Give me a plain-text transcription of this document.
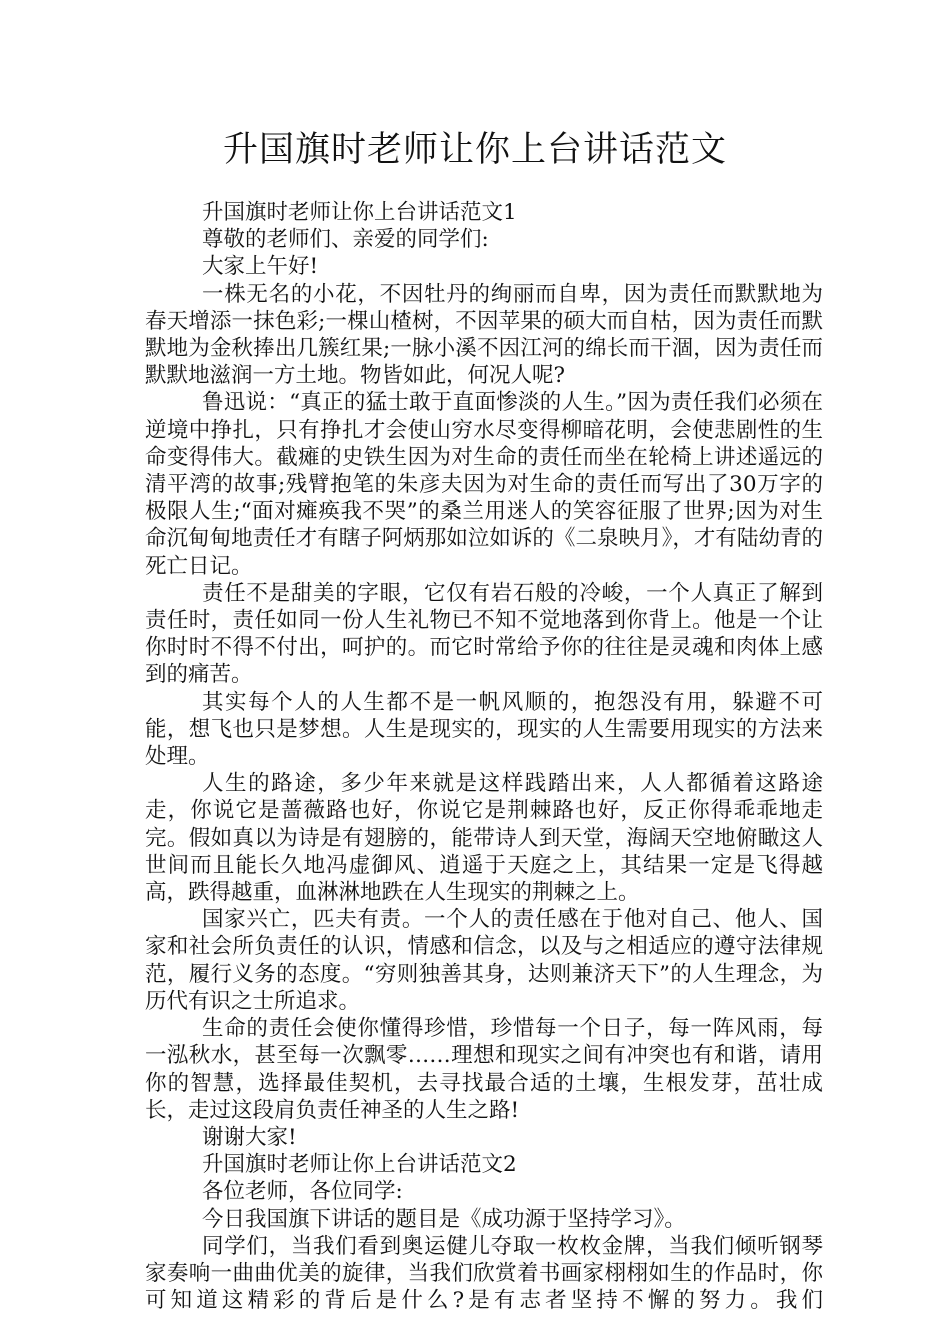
升国旗时老师让你上台讲话范文

升国旗时老师让你上台讲话范文1

尊敬的老师们、亲爱的同学们:

大家上午好!

一株无名的小花，不因牡丹的绚丽而自卑，因为责任而默默地为春天增添一抹色彩;一棵山楂树，不因苹果的硕大而自枯，因为责任而默默地为金秋捧出几簇红果;一脉小溪不因江河的绵长而干涸，因为责任而默默地滋润一方土地。物皆如此，何况人呢?

鲁迅说：“真正的猛士敢于直面惨淡的人生。”因为责任我们必须在逆境中挣扎，只有挣扎才会使山穷水尽变得柳暗花明，会使悲剧性的生命变得伟大。截瘫的史铁生因为对生命的责任而坐在轮椅上讲述遥远的清平湾的故事;残臂抱笔的朱彦夫因为对生命的责任而写出了30万字的极限人生;“面对瘫痪我不哭”的桑兰用迷人的笑容征服了世界;因为对生命沉甸甸地责任才有瞎子阿炳那如泣如诉的《二泉映月》，才有陆幼青的死亡日记。

责任不是甜美的字眼，它仅有岩石般的冷峻，一个人真正了解到责任时，责任如同一份人生礼物已不知不觉地落到你背上。他是一个让你时时不得不付出，呵护的。而它时常给予你的往往是灵魂和肉体上感到的痛苦。

其实每个人的人生都不是一帆风顺的，抱怨没有用，躲避不可能，想飞也只是梦想。人生是现实的，现实的人生需要用现实的方法来处理。

人生的路途，多少年来就是这样践踏出来，人人都循着这路途走，你说它是蔷薇路也好，你说它是荆棘路也好，反正你得乖乖地走完。假如真以为诗是有翅膀的，能带诗人到天堂，海阔天空地俯瞰这人世间而且能长久地冯虚御风、逍遥于天庭之上，其结果一定是飞得越高，跌得越重，血淋淋地跌在人生现实的荆棘之上。

国家兴亡，匹夫有责。一个人的责任感在于他对自己、他人、国家和社会所负责任的认识，情感和信念，以及与之相适应的遵守法律规范，履行义务的态度。“穷则独善其身，达则兼济天下”的人生理念，为历代有识之士所追求。

生命的责任会使你懂得珍惜，珍惜每一个日子，每一阵风雨，每一泓秋水，甚至每一次飘零……理想和现实之间有冲突也有和谐，请用你的智慧，选择最佳契机，去寻找最合适的土壤，生根发芽，茁壮成长，走过这段肩负责任神圣的人生之路!

谢谢大家!

升国旗时老师让你上台讲话范文2

各位老师，各位同学:

今日我国旗下讲话的题目是《成功源于坚持学习》。

同学们，当我们看到奥运健儿夺取一枚枚金牌，当我们倾听钢琴家奏响一曲曲优美的旋律，当我们欣赏着书画家栩栩如生的作品时，你可知道这精彩的背后是什么?是有志者坚持不懈的努力。我们
